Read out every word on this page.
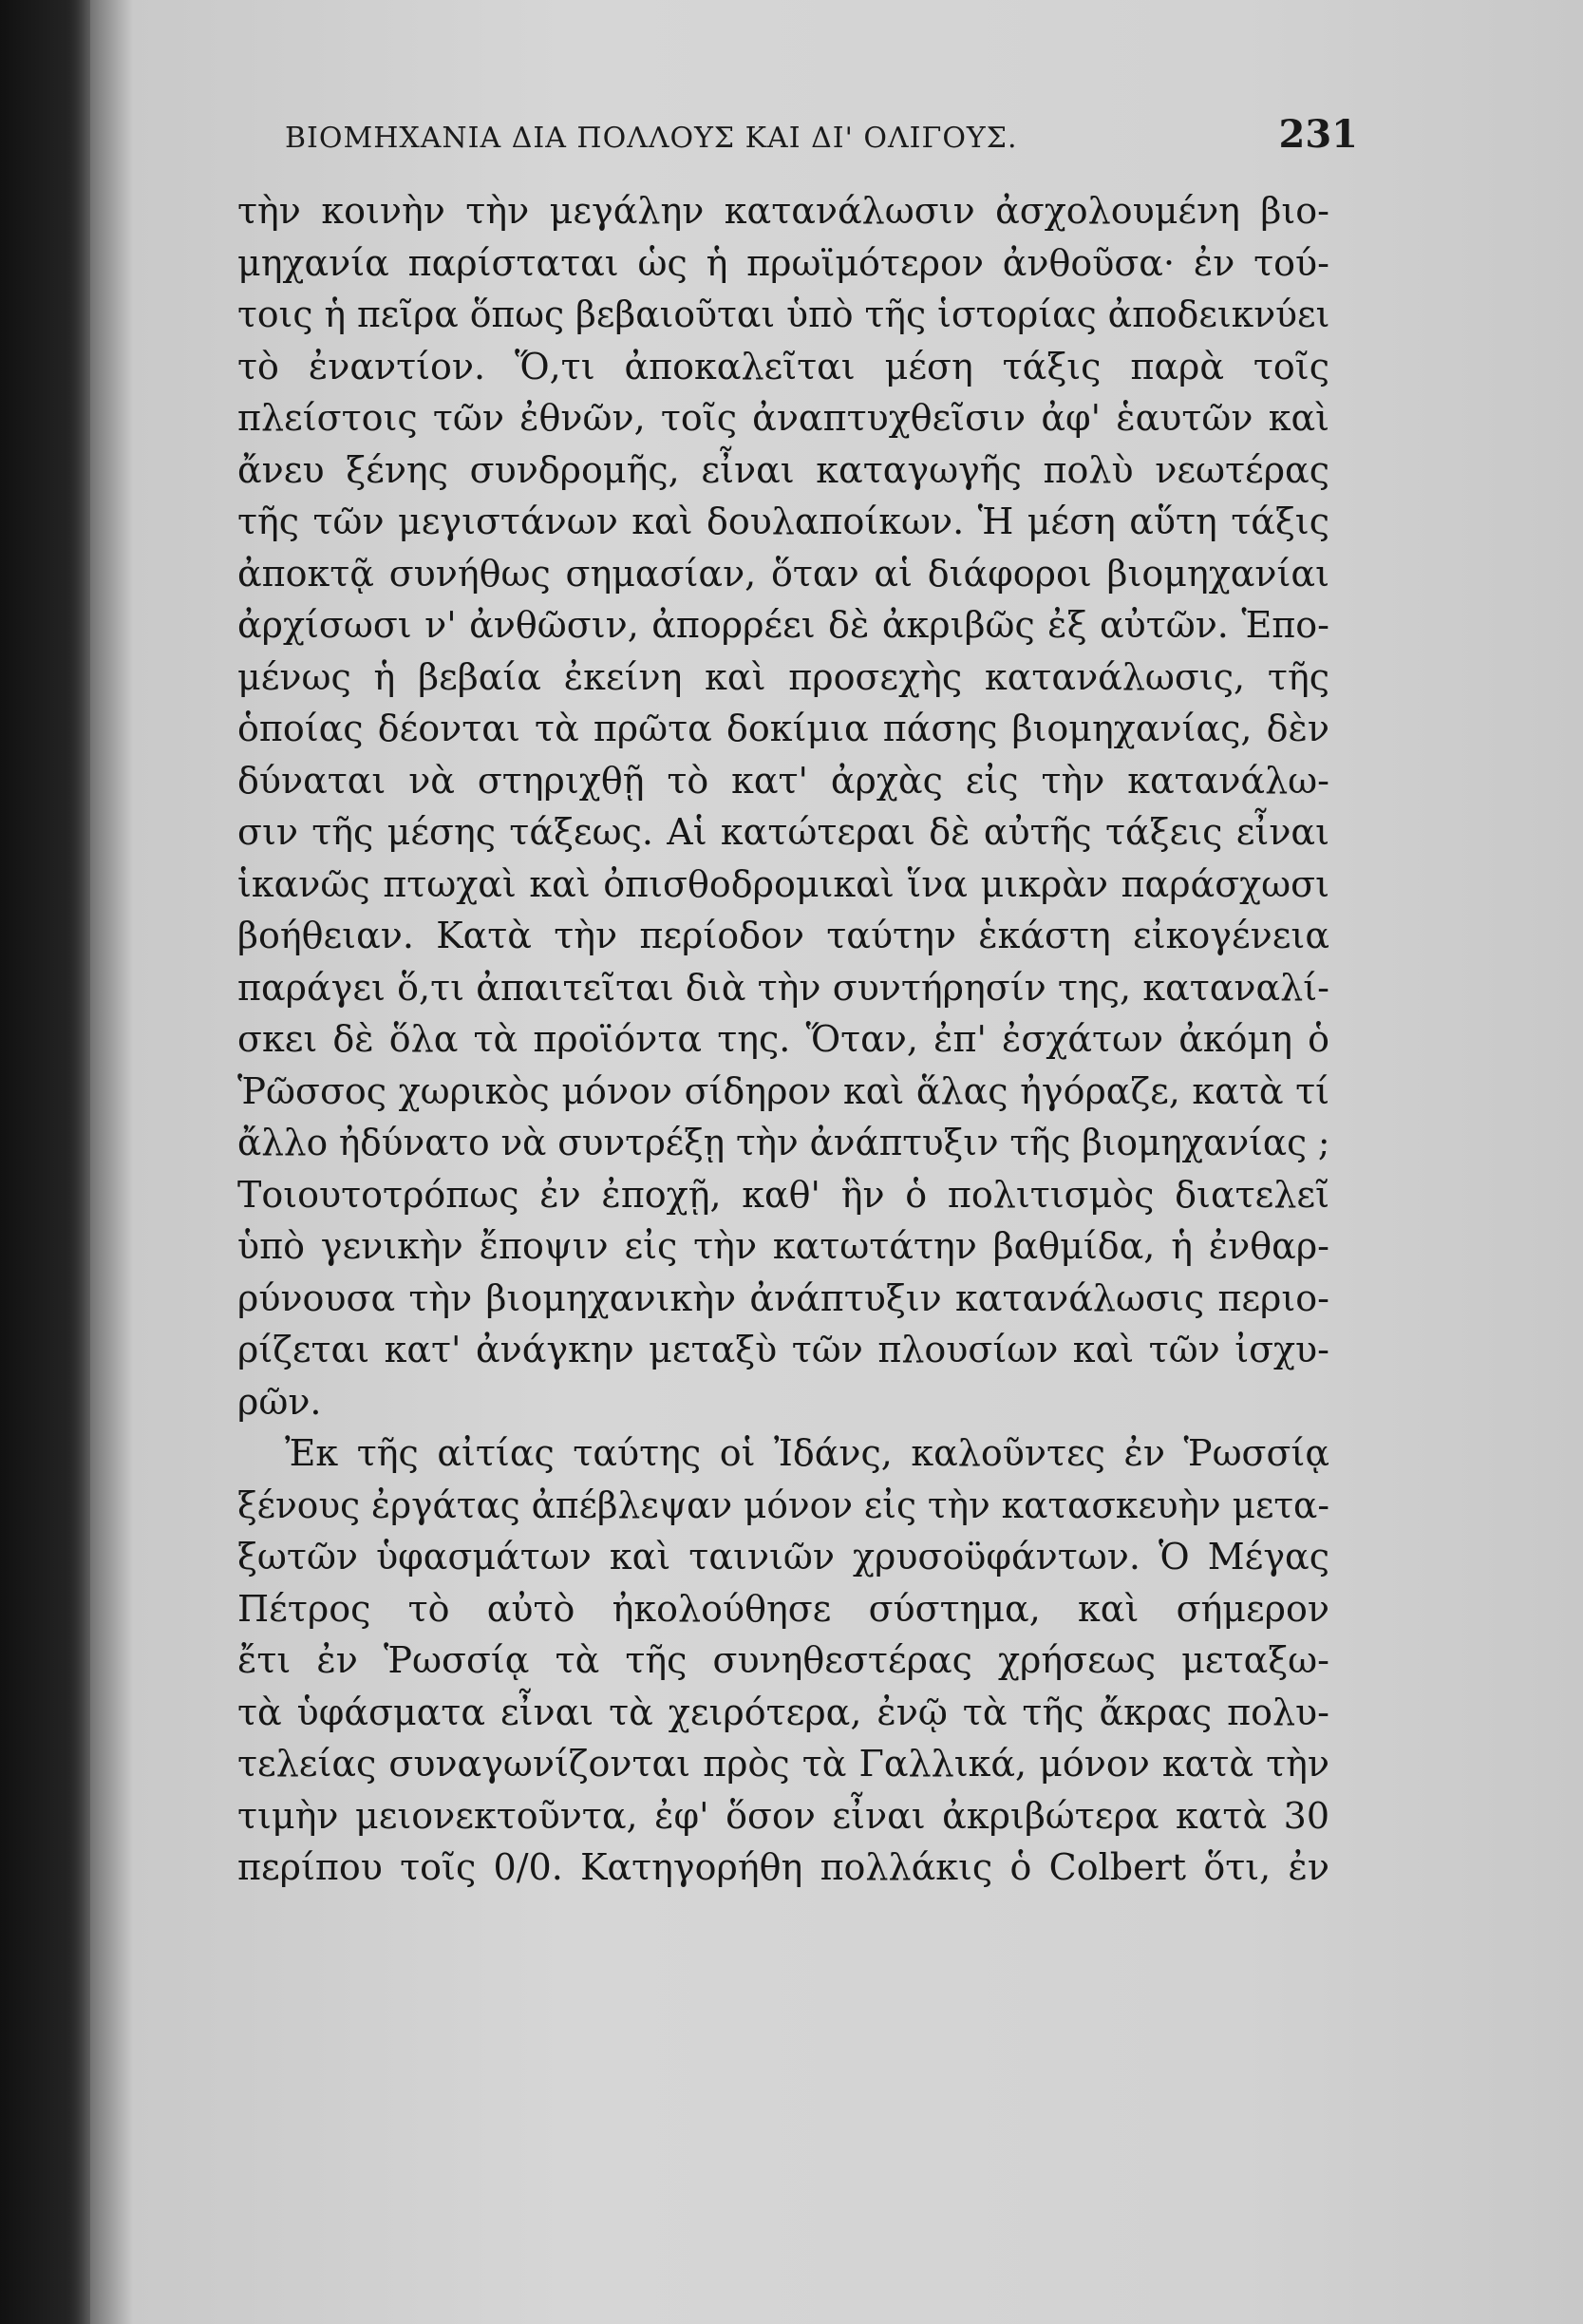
ΒΙΟΜΗΧΑΝΙΑ ΔΙΑ ΠΟΛΛΟΥΣ ΚΑΙ ΔΙ' ΟΛΙΓΟΥΣ.	231
τὴν κοινὴν τὴν μεγάλην κατανάλωσιν ἀσχολουμένη βιο-
μηχανία παρίσταται ὡς ἡ πρωϊμότερον ἀνθοῦσα· ἐν τού-
τοις ἡ πεῖρα ὅπως βεβαιοῦται ὑπὸ τῆς ἱστορίας ἀποδεικνύει
τὸ ἐναντίον. Ὅ,τι ἀποκαλεῖται μέση τάξις παρὰ τοῖς
πλείστοις τῶν ἐθνῶν, τοῖς ἀναπτυχθεῖσιν ἀφ' ἑαυτῶν καὶ
ἄνευ ξένης συνδρομῆς, εἶναι καταγωγῆς πολὺ νεωτέρας
τῆς τῶν μεγιστάνων καὶ δουλαποίκων. Ἡ μέση αὕτη τάξις
ἀποκτᾷ συνήθως σημασίαν, ὅταν αἱ διάφοροι βιομηχανίαι
ἀρχίσωσι ν' ἀνθῶσιν, ἀπορρέει δὲ ἀκριβῶς ἐξ αὐτῶν. Ἑπο-
μένως ἡ βεβαία ἐκείνη καὶ προσεχὴς κατανάλωσις, τῆς
ὁποίας δέονται τὰ πρῶτα δοκίμια πάσης βιομηχανίας, δὲν
δύναται νὰ στηριχθῇ τὸ κατ' ἀρχὰς εἰς τὴν κατανάλω-
σιν τῆς μέσης τάξεως. Αἱ κατώτεραι δὲ αὐτῆς τάξεις εἶναι
ἱκανῶς πτωχαὶ καὶ ὀπισθοδρομικαὶ ἵνα μικρὰν παράσχωσι
βοήθειαν. Κατὰ τὴν περίοδον ταύτην ἑκάστη εἰκογένεια
παράγει ὅ,τι ἀπαιτεῖται διὰ τὴν συντήρησίν της, καταναλί-
σκει δὲ ὅλα τὰ προϊόντα της. Ὅταν, ἐπ' ἐσχάτων ἀκόμη ὁ
Ῥῶσσος χωρικὸς μόνον σίδηρον καὶ ἅλας ἠγόραζε, κατὰ τί
ἄλλο ἠδύνατο νὰ συντρέξῃ τὴν ἀνάπτυξιν τῆς βιομηχανίας ;
Τοιουτοτρόπως ἐν ἐποχῇ, καθ' ἣν ὁ πολιτισμὸς διατελεῖ
ὑπὸ γενικὴν ἔποψιν εἰς τὴν κατωτάτην βαθμίδα, ἡ ἐνθαρ-
ρύνουσα τὴν βιομηχανικὴν ἀνάπτυξιν κατανάλωσις περιο-
ρίζεται κατ' ἀνάγκην μεταξὺ τῶν πλουσίων καὶ τῶν ἰσχυ-
ρῶν.
Ἐκ τῆς αἰτίας ταύτης οἱ Ἰδάνς, καλοῦντες ἐν Ῥωσσίᾳ
ξένους ἐργάτας ἀπέβλεψαν μόνον εἰς τὴν κατασκευὴν μετα-
ξωτῶν ὑφασμάτων καὶ ταινιῶν χρυσοϋφάντων. Ὁ Μέγας
Πέτρος τὸ αὐτὸ ἠκολούθησε σύστημα, καὶ σήμερον
ἔτι ἐν Ῥωσσίᾳ τὰ τῆς συνηθεστέρας χρήσεως μεταξω-
τὰ ὑφάσματα εἶναι τὰ χειρότερα, ἐνῷ τὰ τῆς ἄκρας πολυ-
τελείας συναγωνίζονται πρὸς τὰ Γαλλικά, μόνον κατὰ τὴν
τιμὴν μειονεκτοῦντα, ἐφ' ὅσον εἶναι ἀκριβώτερα κατὰ 30
περίπου τοῖς 0/0. Κατηγορήθη πολλάκις ὁ Colbert ὅτι, ἐν
